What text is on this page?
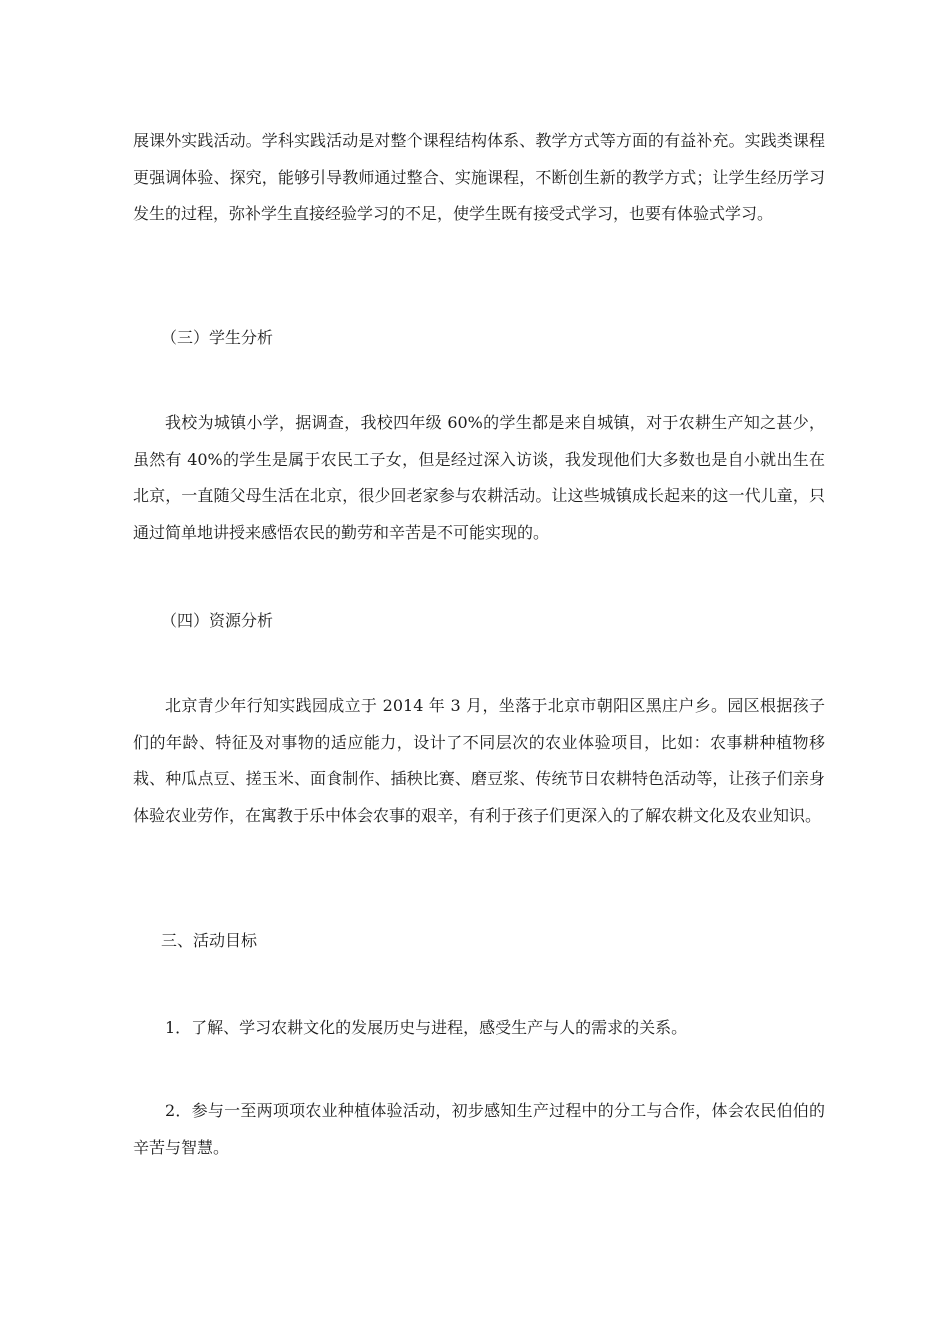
展课外实践活动。学科实践活动是对整个课程结构体系、教学方式等方面的有益补充。实践类课程更强调体验、探究，能够引导教师通过整合、实施课程，不断创生新的教学方式；让学生经历学习发生的过程，弥补学生直接经验学习的不足，使学生既有接受式学习，也要有体验式学习。

（三）学生分析

我校为城镇小学，据调查，我校四年级 60%的学生都是来自城镇，对于农耕生产知之甚少，虽然有 40%的学生是属于农民工子女，但是经过深入访谈，我发现他们大多数也是自小就出生在北京，一直随父母生活在北京，很少回老家参与农耕活动。让这些城镇成长起来的这一代儿童，只通过简单地讲授来感悟农民的勤劳和辛苦是不可能实现的。

（四）资源分析

北京青少年行知实践园成立于 2014 年 3 月，坐落于北京市朝阳区黑庄户乡。园区根据孩子们的年龄、特征及对事物的适应能力，设计了不同层次的农业体验项目，比如：农事耕种植物移栽、种瓜点豆、搓玉米、面食制作、插秧比赛、磨豆浆、传统节日农耕特色活动等，让孩子们亲身体验农业劳作，在寓教于乐中体会农事的艰辛，有利于孩子们更深入的了解农耕文化及农业知识。

三、活动目标

1．了解、学习农耕文化的发展历史与进程，感受生产与人的需求的关系。

2．参与一至两项项农业种植体验活动，初步感知生产过程中的分工与合作，体会农民伯伯的辛苦与智慧。
